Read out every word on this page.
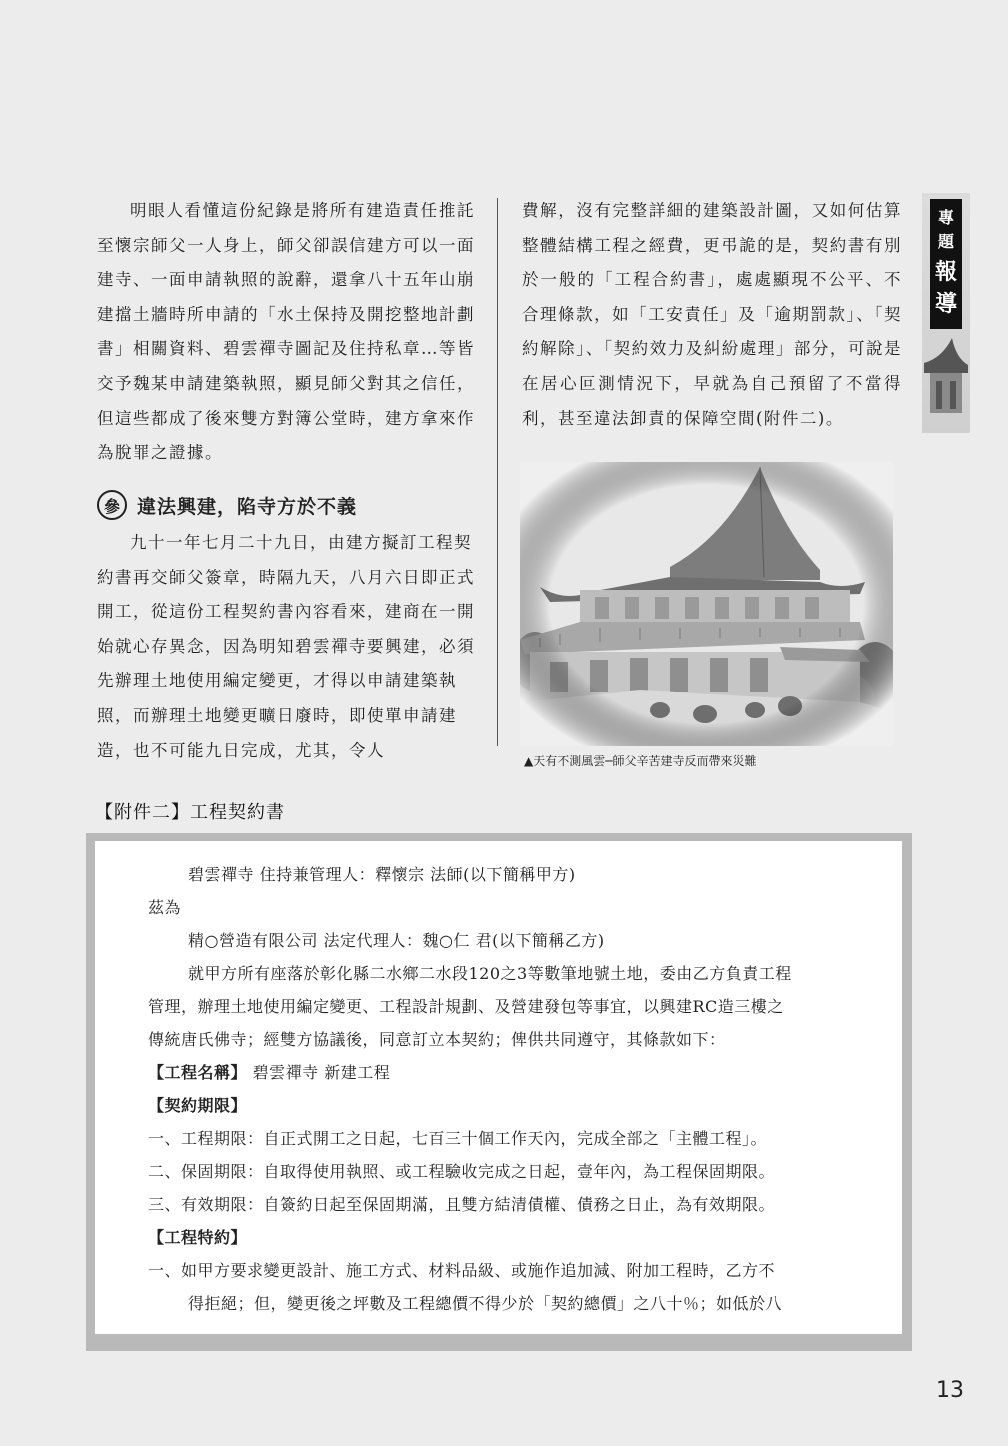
明眼人看懂這份紀錄是將所有建造責任推託至懷宗師父一人身上，師父卻誤信建方可以一面建寺、一面申請執照的說辭，還拿八十五年山崩建擋土牆時所申請的「水土保持及開挖整地計劃書」相關資料、碧雲禪寺圖記及住持私章…等皆交予魏某申請建築執照，顯見師父對其之信任，但這些都成了後來雙方對簿公堂時，建方拿來作為脫罪之證據。

參 違法興建，陷寺方於不義

九十一年七月二十九日，由建方擬訂工程契約書再交師父簽章，時隔九天，八月六日即正式開工，從這份工程契約書內容看來，建商在一開始就心存異念，因為明知碧雲禪寺要興建，必須先辦理土地使用編定變更，才得以申請建築執照，而辦理土地變更曠日廢時，即使單申請建造，也不可能九日完成，尤其，令人

費解，沒有完整詳細的建築設計圖，又如何估算整體結構工程之經費，更弔詭的是，契約書有別於一般的「工程合約書」，處處顯現不公平、不合理條款，如「工安責任」及「逾期罰款」、「契約解除」、「契約效力及糾紛處理」部分，可說是在居心叵測情況下，早就為自己預留了不當得利，甚至違法卸責的保障空間(附件二)。

▲天有不測風雲─師父辛苦建寺反而帶來災難
專
題
報
導
【附件二】工程契約書

碧雲禪寺 住持兼管理人：釋懷宗 法師(以下簡稱甲方)

茲為

精○營造有限公司 法定代理人：魏○仁 君(以下簡稱乙方)

就甲方所有座落於彰化縣二水鄉二水段120之3等數筆地號土地，委由乙方負責工程

管理，辦理土地使用編定變更、工程設計規劃、及營建發包等事宜，以興建RC造三樓之

傳統唐氏佛寺；經雙方協議後，同意訂立本契約；俾供共同遵守，其條款如下：

【工程名稱】 碧雲禪寺 新建工程

【契約期限】

一、工程期限：自正式開工之日起，七百三十個工作天內，完成全部之「主體工程」。

二、保固期限：自取得使用執照、或工程驗收完成之日起，壹年內，為工程保固期限。

三、有效期限：自簽約日起至保固期滿，且雙方結清債權、債務之日止，為有效期限。

【工程特約】

一、如甲方要求變更設計、施工方式、材料品級、或施作追加減、附加工程時，乙方不

得拒絕；但，變更後之坪數及工程總價不得少於「契約總價」之八十％；如低於八

13
